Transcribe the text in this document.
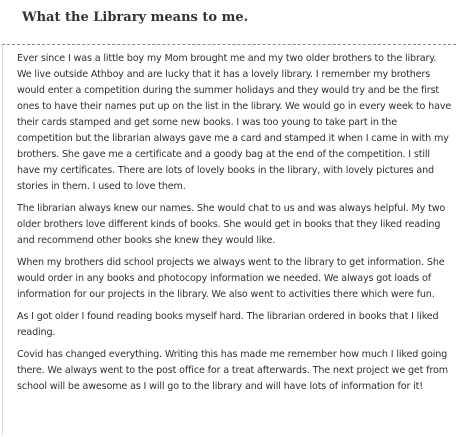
What the Library means to me.

Ever since I was a little boy my Mom brought me and my two older brothers to the library. We live outside Athboy and are lucky that it has a lovely library. I remember my brothers would enter a competition during the summer holidays and they would try and be the first ones to have their names put up on the list in the library. We would go in every week to have their cards stamped and get some new books. I was too young to take part in the competition but the librarian always gave me a card and stamped it when I came in with my brothers. She gave me a certificate and a goody bag at the end of the competition. I still have my certificates. There are lots of lovely books in the library, with lovely pictures and stories in them. I used to love them.

The librarian always knew our names. She would chat to us and was always helpful. My two older brothers love different kinds of books. She would get in books that they liked reading and recommend other books she knew they would like.

When my brothers did school projects we always went to the library to get information. She would order in any books and photocopy information we needed. We always got loads of information for our projects in the library. We also went to activities there which were fun.

As I got older I found reading books myself hard. The librarian ordered in books that I liked reading.

Covid has changed everything. Writing this has made me remember how much I liked going there. We always went to the post office for a treat afterwards. The next project we get from school will be awesome as I will go to the library and will have lots of information for it!
